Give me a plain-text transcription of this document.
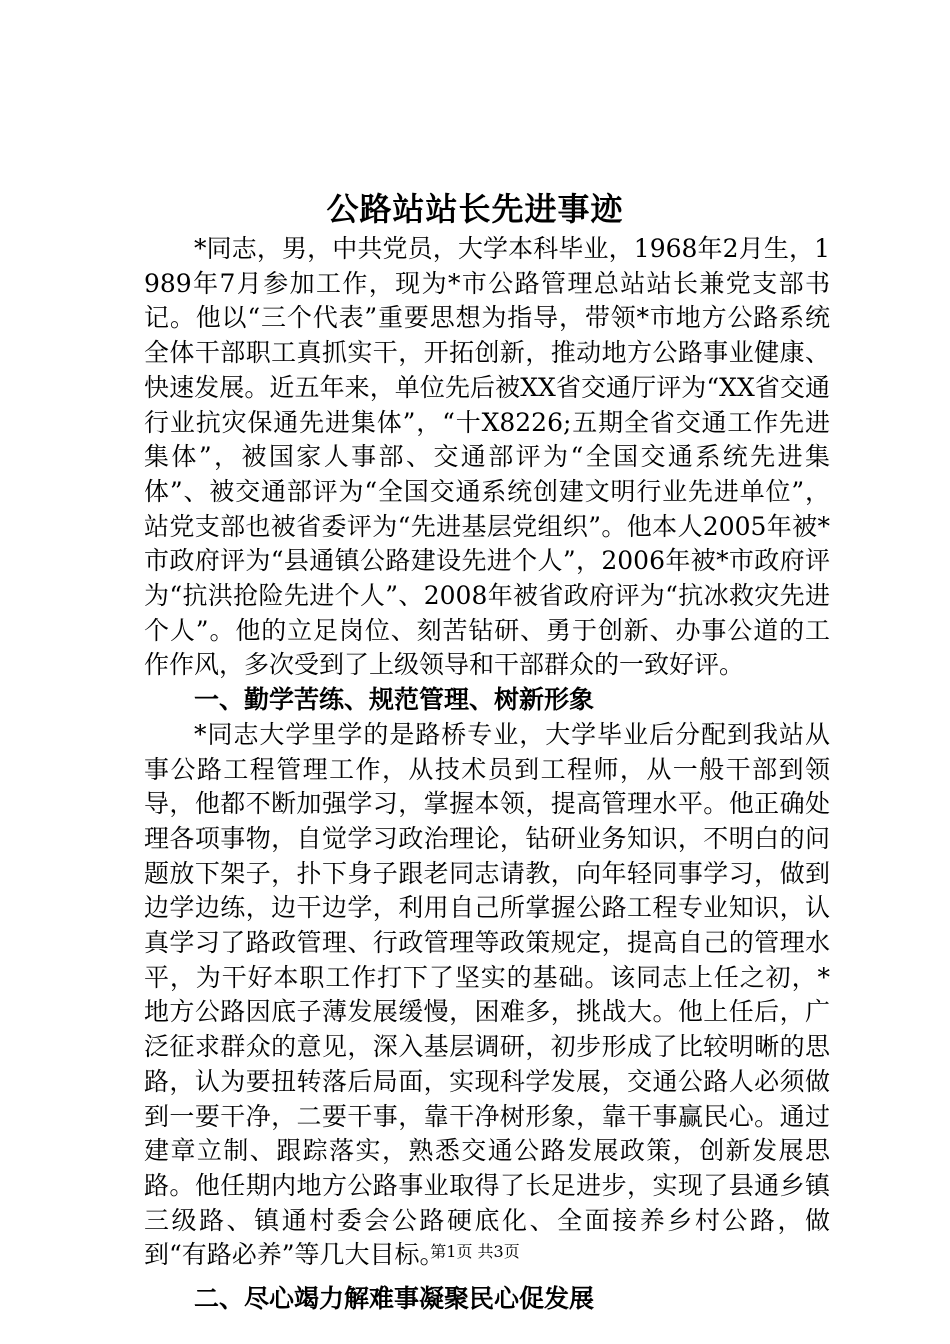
公路站站长先进事迹

*同志，男，中共党员，大学本科毕业，1968年2月生，1989年7月参加工作，现为*市公路管理总站站长兼党支部书记。他以“三个代表”重要思想为指导，带领*市地方公路系统全体干部职工真抓实干，开拓创新，推动地方公路事业健康、快速发展。近五年来，单位先后被XX省交通厅评为“XX省交通行业抗灾保通先进集体”，“十X8226;五期全省交通工作先进集体”，被国家人事部、交通部评为“全国交通系统先进集体”、被交通部评为“全国交通系统创建文明行业先进单位”，站党支部也被省委评为“先进基层党组织”。他本人2005年被*市政府评为“县通镇公路建设先进个人”，2006年被*市政府评为“抗洪抢险先进个人”、2008年被省政府评为“抗冰救灾先进个人”。他的立足岗位、刻苦钻研、勇于创新、办事公道的工作作风，多次受到了上级领导和干部群众的一致好评。

一、勤学苦练、规范管理、树新形象

*同志大学里学的是路桥专业，大学毕业后分配到我站从事公路工程管理工作，从技术员到工程师，从一般干部到领导，他都不断加强学习，掌握本领，提高管理水平。他正确处理各项事物，自觉学习政治理论，钻研业务知识，不明白的问题放下架子，扑下身子跟老同志请教，向年轻同事学习，做到边学边练，边干边学，利用自己所掌握公路工程专业知识，认真学习了路政管理、行政管理等政策规定，提高自己的管理水平，为干好本职工作打下了坚实的基础。该同志上任之初，*地方公路因底子薄发展缓慢，困难多，挑战大。他上任后，广泛征求群众的意见，深入基层调研，初步形成了比较明晰的思路，认为要扭转落后局面，实现科学发展，交通公路人必须做到一要干净，二要干事，靠干净树形象，靠干事赢民心。通过建章立制、跟踪落实，熟悉交通公路发展政策，创新发展思路。他任期内地方公路事业取得了长足进步，实现了县通乡镇三级路、镇通村委会公路硬底化、全面接养乡村公路，做到“有路必养”等几大目标。

二、尽心竭力解难事凝聚民心促发展

第1页 共3页
